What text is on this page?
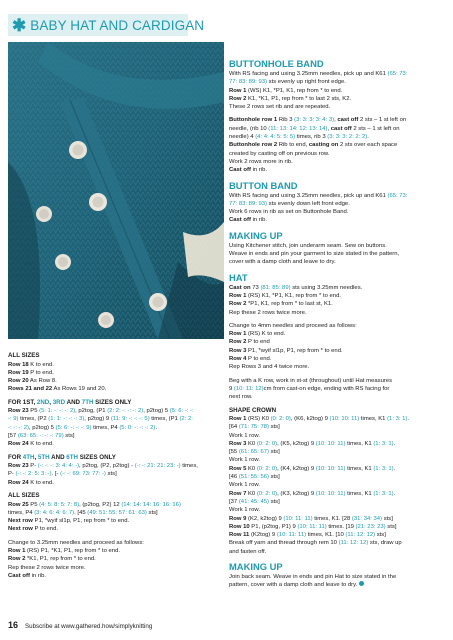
✱ BABY HAT AND CARDIGAN
BUTTONHOLE BAND

With RS facing and using 3.25mm needles, pick up and K61 (65: 73:

77: 83: 89: 93) sts evenly up right front edge.

Row 1 (WS) K1, *P1, K1, rep from * to end.

Row 2 K1, *K1, P1, rep from * to last 2 sts, K2.

These 2 rows set rib and are repeated.

Buttonhole row 1 Rib 3 (3: 3: 3: 3: 4: 3), cast off 2 sts – 1 st left on

needle, (rib 10 (11: 13: 14: 12: 13: 14), cast off 2 sts – 1 st left on

needle) 4 (4: 4: 4: 5: 5: 5) times, rib 3 (3: 3: 3: 2: 2: 2).

Buttonhole row 2 Rib to end, casting on 2 sts over each space

created by casting off on previous row.

Work 2 rows more in rib.

Cast off in rib.

BUTTON BAND

With RS facing and using 3.25mm needles, pick up and K61 (65: 73:

77: 83: 89: 93) sts evenly down left front edge.

Work 6 rows in rib as set on Buttonhole Band.

Cast off in rib.

MAKING UP

Using Kitchener stitch, join underarm seam. Sew on buttons.

Weave in ends and pin your garment to size stated in the pattern,

cover with a damp cloth and leave to dry.

HAT

Cast on 73 (81: 85: 89) sts using 3.25mm needles.

Row 1 (RS) K1, *P1, K1, rep from * to end.

Row 2 *P1, K1, rep from * to last st, K1.

Rep these 2 rows twice more.

Change to 4mm needles and proceed as follows:

Row 1 (RS) K to end.

Row 2 P to end

Row 3 P1, *wyif sl1p, P1, rep from * to end.

Row 4 P to end.

Rep Rows 3 and 4 twice more.

Beg with a K row, work in st-st (throughout) until Hat measures

9 (10: 11: 12)cm from cast-on edge, ending with RS facing for

next row.

SHAPE CROWN

Row 1 (RS) K0 (0: 2: 0), (K6, k2tog) 9 (10: 10: 11) times, K1 (1: 3: 1).

[64 (71: 75: 78) sts]

Work 1 row.

Row 3 K0 (0: 2: 0), (K5, k2tog) 9 (10: 10: 11) times, K1 (1: 3: 1).

[55 (61: 65: 67) sts]

Work 1 row.

Row 5 K0 (0: 2: 0), (K4, k2tog) 9 (10: 10: 11) times, K1 (1: 3: 1).

[46 (51: 55: 56) sts]

Work 1 row.

Row 7 K0 (0: 2: 0), (K3, k2tog) 9 (10: 10: 11) times, K1 (1: 3: 1).

[37 (41: 45: 45) sts]

Work 1 row.

Row 9 (K2, k2tog) 9 (10: 11: 11) times, K1. [28 (31: 34: 34) sts]

Row 10 P1, (p2tog, P1) 9 (10: 11: 11) times. [19 (21: 23: 23) sts]

Row 11 (K2tog) 9 (10: 11: 11) times, K1. [10 (11: 12: 12) sts]

Break off yarn and thread through rem 10 (11: 12: 12) sts, draw up

and fasten off.

MAKING UP

Join back seam. Weave in ends and pin Hat to size stated in the

pattern, cover with a damp cloth and leave to dry.

ALL SIZES

Row 18 K to end.

Row 19 P to end.

Row 20 As Row 8.

Rows 21 and 22 As Rows 19 and 20.

FOR 1ST, 2ND, 3RD AND 7TH SIZES ONLY

Row 23 P5 (5: 1: -: -: -: 2), p2tog, (P1 (2: 2: -: -: -: 2), p2tog) 5 (5: 6: -: -:

-: 9) times, (P2 (1: 1: -: -: -: 3), p2tog) 9 (11: 9: -: -: -: 5) times, (P1 (2: 2:

-: -: -: 2), p2tog) 5 (5: 6: -: -: -: 9) times, P4 (5: 0: -: -: -: 2).

[57 (63: 65: -: -: -: 79) sts]

Row 24 K to end.

FOR 4TH, 5TH AND 6TH SIZES ONLY

Row 23 P- (-: -: -: 3: 4: 4: -), p2tog, (P2, p2tog) - (-: -: 21: 21: 23: -) times,

P- (-: -: 2: 5: 3: -). [- (-: -: 69: 73: 77: -) sts]

Row 24 K to end.

ALL SIZES

Row 25 P5 (4: 5: 8: 5: 7: 8), (p2tog, P2) 12 (14: 14: 14: 16: 16: 16)

times, P4 (3: 4: 6: 4: 6: 7). [45 (49: 51: 55: 57: 61: 63) sts]

Next row P1, *wyif sl1p, P1, rep from * to end.

Next row P to end.

Change to 3.25mm needles and proceed as follows:

Row 1 (RS) P1, *K1, P1, rep from * to end.

Row 2 *K1, P1, rep from * to end.

Rep these 2 rows twice more.

Cast off in rib.

16 Subscribe at www.gathered.how/simplyknitting
